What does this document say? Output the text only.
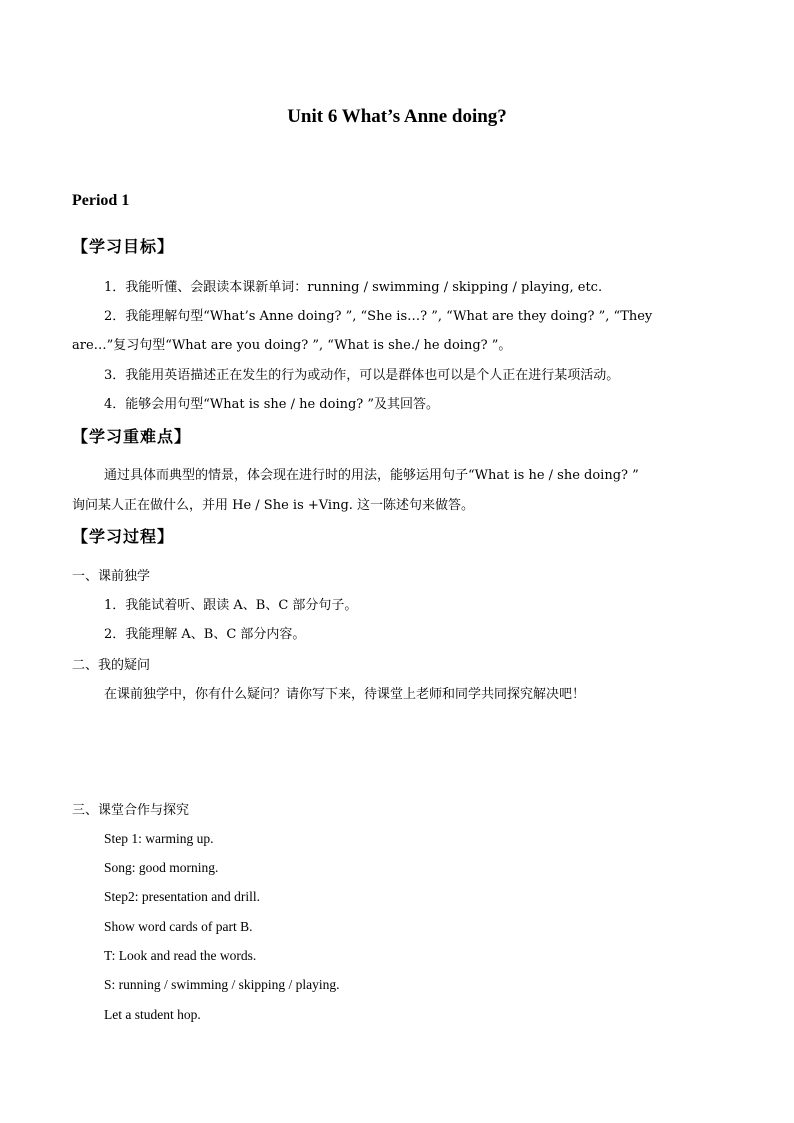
Unit 6 What’s Anne doing?
Period 1
【学习目标】
1．我能听懂、会跟读本课新单词：running / swimming / skipping / playing, etc.
2．我能理解句型“What’s Anne doing? ”, “She is…? ”, “What are they doing? ”, “They
are…”复习句型“What are you doing? ”, “What is she./ he doing? ”。
3．我能用英语描述正在发生的行为或动作，可以是群体也可以是个人正在进行某项活动。
4．能够会用句型“What is she / he doing? ”及其回答。
【学习重难点】
通过具体而典型的情景，体会现在进行时的用法，能够运用句子“What is he / she doing? ”
询问某人正在做什么，并用 He / She is +Ving. 这一陈述句来做答。
【学习过程】
一、课前独学
1．我能试着听、跟读 A、B、C 部分句子。
2．我能理解 A、B、C 部分内容。
二、我的疑问
在课前独学中，你有什么疑问？请你写下来，待课堂上老师和同学共同探究解决吧！
三、课堂合作与探究
Step 1: warming up.
Song: good morning.
Step2: presentation and drill.
Show word cards of part B.
T: Look and read the words.
S: running / swimming / skipping / playing.
Let a student hop.
